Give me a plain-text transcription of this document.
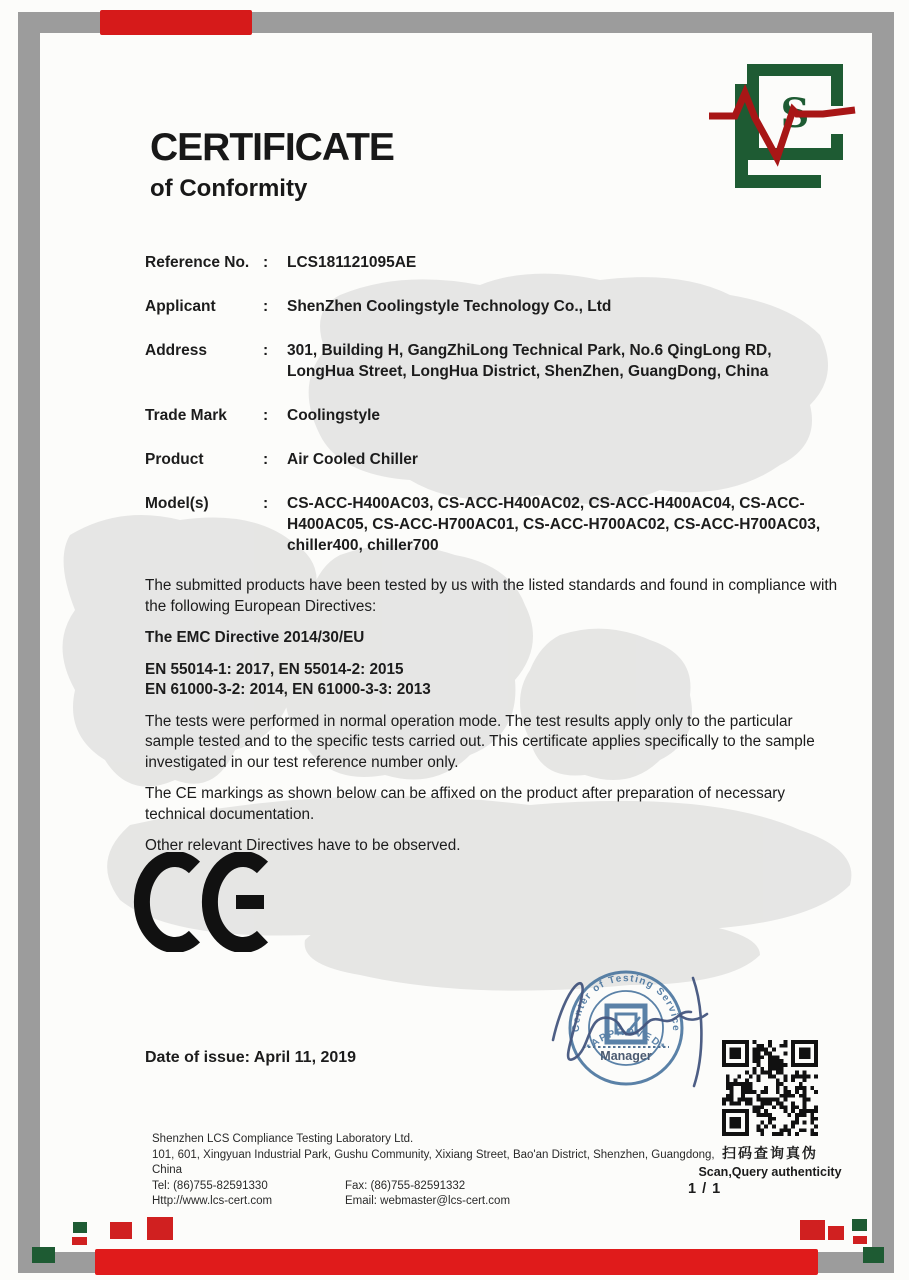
S
CERTIFICATE
of Conformity
Reference No. :	LCS181121095AE
Applicant	:	ShenZhen Coolingstyle Technology Co., Ltd
Address	:	301, Building H, GangZhiLong Technical Park, No.6 QingLong RD, LongHua Street, LongHua District, ShenZhen, GuangDong, China
Trade Mark	:	Coolingstyle
Product	:	Air Cooled Chiller
Model(s)	:	CS-ACC-H400AC03, CS-ACC-H400AC02, CS-ACC-H400AC04, CS-ACC-H400AC05, CS-ACC-H700AC01, CS-ACC-H700AC02, CS-ACC-H700AC03, chiller400, chiller700

The submitted products have been tested by us with the listed standards and found in compliance with the following European Directives:

The EMC Directive 2014/30/EU

EN 55014-1: 2017, EN 55014-2: 2015

EN 61000-3-2: 2014, EN 61000-3-3: 2013

The tests were performed in normal operation mode. The test results apply only to the particular sample tested and to the specific tests carried out. This certificate applies specifically to the sample investigated in our test reference number only.

The CE markings as shown below can be affixed on the product after preparation of necessary technical documentation.

Other relevant Directives have to be observed.

Date of issue: April 11, 2019
Center of Testing Service
*APPROVED*
Manager
扫码查询真伪
Scan,Query authenticity
Shenzhen LCS Compliance Testing Laboratory Ltd.
101, 601, Xingyuan Industrial Park, Gushu Community, Xixiang Street, Bao'an District, Shenzhen, Guangdong, China
Tel: (86)755-82591330	Fax: (86)755-82591332
Http://www.lcs-cert.com	Email: webmaster@lcs-cert.com
1 / 1
